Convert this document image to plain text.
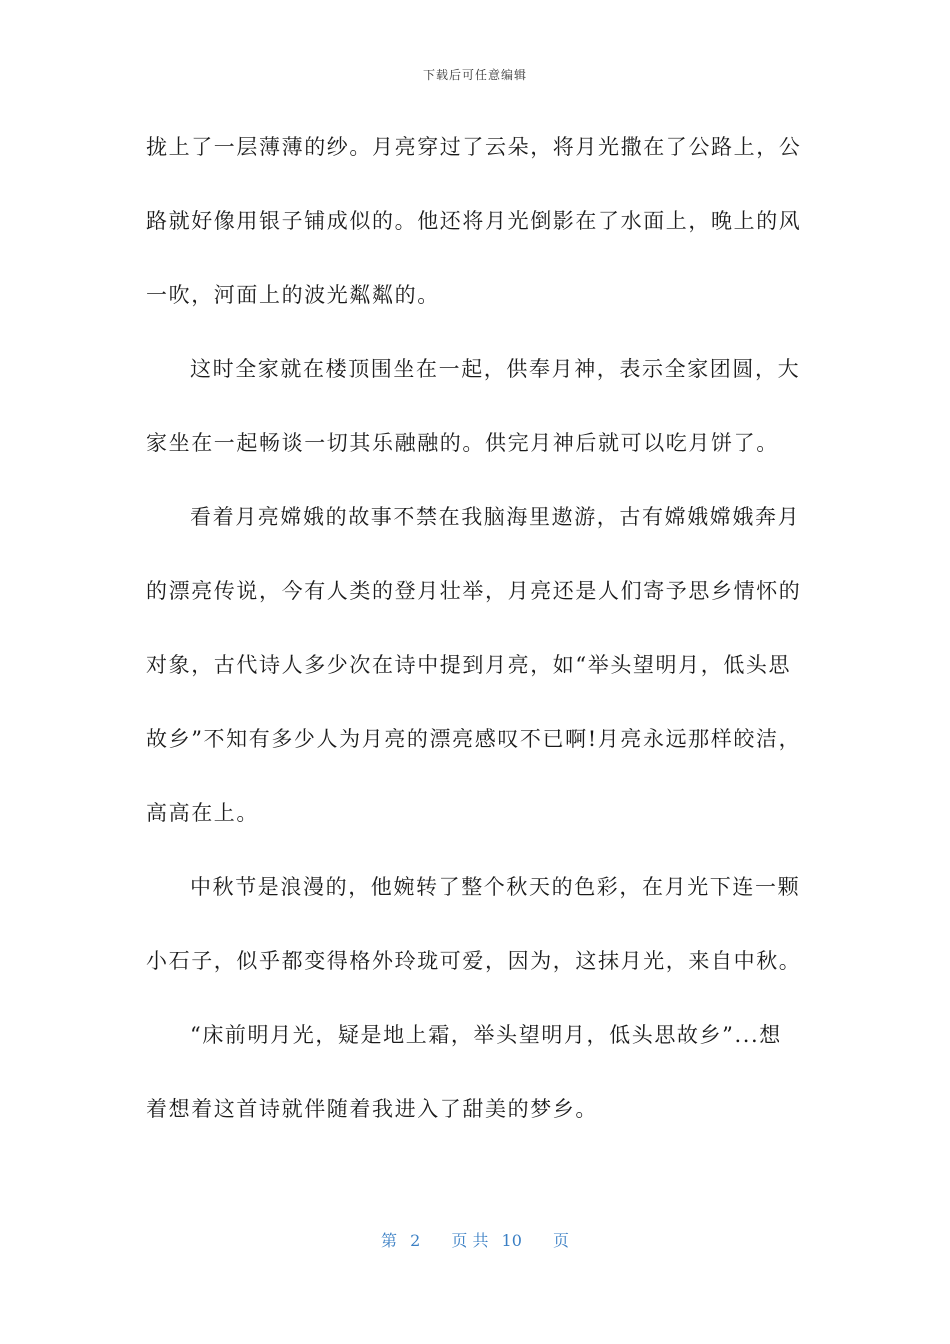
下载后可任意编辑
拢上了一层薄薄的纱。月亮穿过了云朵，将月光撒在了公路上，公
路就好像用银子铺成似的。他还将月光倒影在了水面上，晚上的风
一吹，河面上的波光粼粼的。
这时全家就在楼顶围坐在一起，供奉月神，表示全家团圆，大
家坐在一起畅谈一切其乐融融的。供完月神后就可以吃月饼了。
看着月亮嫦娥的故事不禁在我脑海里遨游，古有嫦娥嫦娥奔月
的漂亮传说，今有人类的登月壮举，月亮还是人们寄予思乡情怀的
对象，古代诗人多少次在诗中提到月亮，如“举头望明月，低头思
故乡”不知有多少人为月亮的漂亮感叹不已啊!月亮永远那样皎洁，
高高在上。
中秋节是浪漫的，他婉转了整个秋天的色彩，在月光下连一颗
小石子，似乎都变得格外玲珑可爱，因为，这抹月光，来自中秋。
“床前明月光，疑是地上霜，举头望明月，低头思故乡”...想
着想着这首诗就伴随着我进入了甜美的梦乡。
第 2 页 共 10 页
